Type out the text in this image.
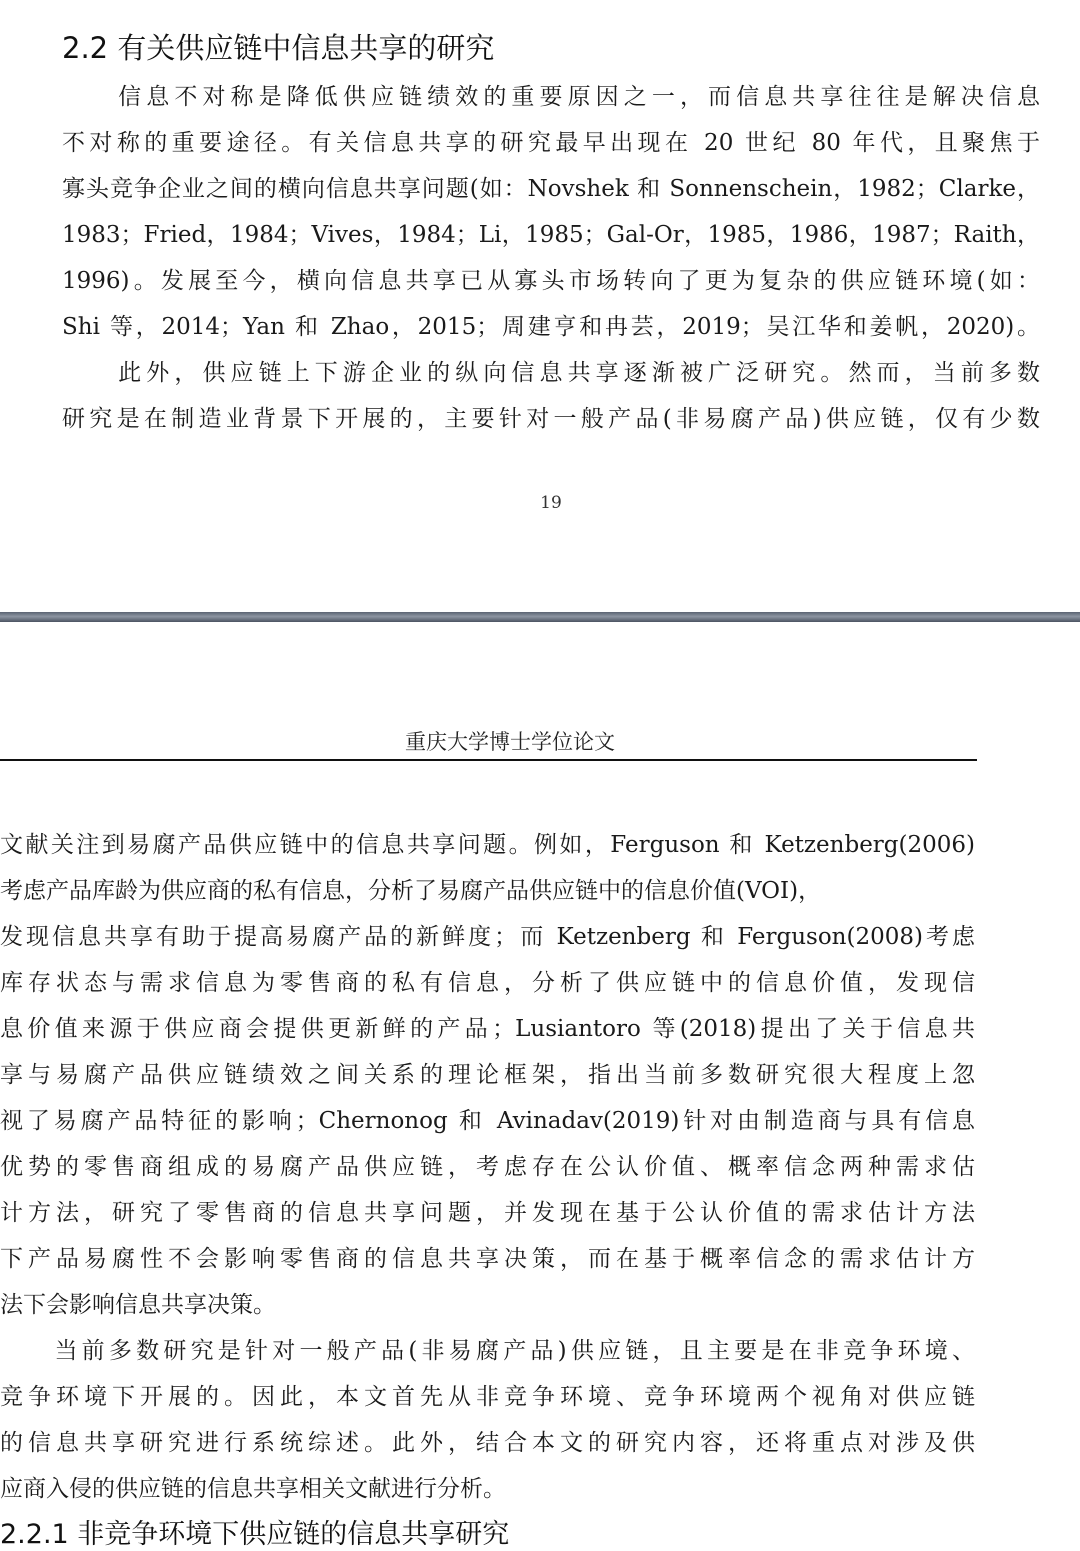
2.2 有关供应链中信息共享的研究

　　信息不对称是降低供应链绩效的重要原因之一，而信息共享往往是解决信息

不对称的重要途径。有关信息共享的研究最早出现在 20 世纪 80 年代，且聚焦于

寡头竞争企业之间的横向信息共享问题(如：Novshek 和 Sonnenschein，1982；Clarke，

1983；Fried，1984；Vives，1984；Li，1985；Gal-Or，1985，1986，1987；Raith，

1996)。发展至今，横向信息共享已从寡头市场转向了更为复杂的供应链环境(如：

Shi 等，2014；Yan 和 Zhao，2015；周建亨和冉芸，2019；吴江华和姜帆，2020)。

　　此外，供应链上下游企业的纵向信息共享逐渐被广泛研究。然而，当前多数

研究是在制造业背景下开展的，主要针对一般产品(非易腐产品)供应链，仅有少数

19
重庆大学博士学位论文

文献关注到易腐产品供应链中的信息共享问题。例如，Ferguson 和 Ketzenberg(2006)

考虑产品库龄为供应商的私有信息，分析了易腐产品供应链中的信息价值(VOI)，

发现信息共享有助于提高易腐产品的新鲜度；而 Ketzenberg 和 Ferguson(2008)考虑

库存状态与需求信息为零售商的私有信息，分析了供应链中的信息价值，发现信

息价值来源于供应商会提供更新鲜的产品；Lusiantoro 等(2018)提出了关于信息共

享与易腐产品供应链绩效之间关系的理论框架，指出当前多数研究很大程度上忽

视了易腐产品特征的影响；Chernonog 和 Avinadav(2019)针对由制造商与具有信息

优势的零售商组成的易腐产品供应链，考虑存在公认价值、概率信念两种需求估

计方法，研究了零售商的信息共享问题，并发现在基于公认价值的需求估计方法

下产品易腐性不会影响零售商的信息共享决策，而在基于概率信念的需求估计方

法下会影响信息共享决策。

　　当前多数研究是针对一般产品(非易腐产品)供应链，且主要是在非竞争环境、

竞争环境下开展的。因此，本文首先从非竞争环境、竞争环境两个视角对供应链

的信息共享研究进行系统综述。此外，结合本文的研究内容，还将重点对涉及供

应商入侵的供应链的信息共享相关文献进行分析。

2.2.1 非竞争环境下供应链的信息共享研究
